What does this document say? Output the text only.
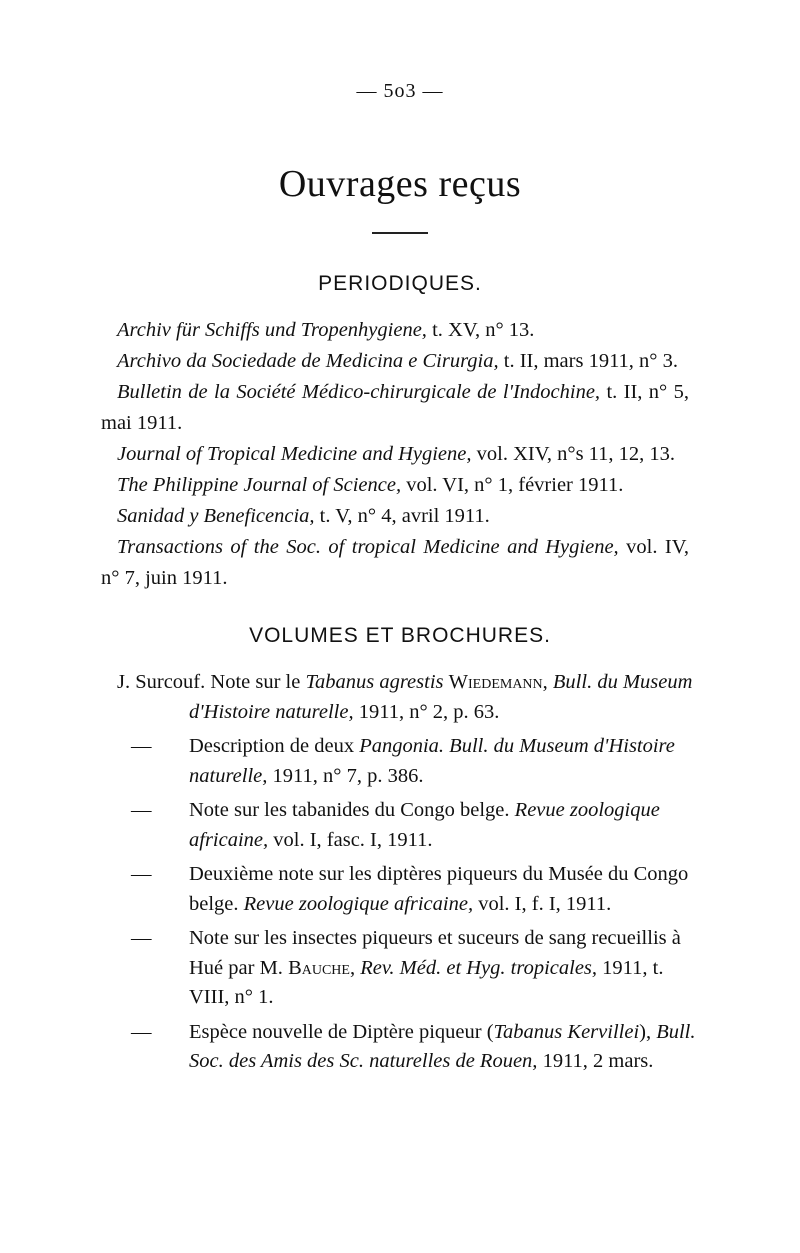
— 5o3 —
Ouvrages reçus
PERIODIQUES.
Archiv für Schiffs und Tropenhygiene, t. XV, n° 13.
Archivo da Sociedade de Medicina e Cirurgia, t. II, mars 1911, n° 3.
Bulletin de la Société Médico-chirurgicale de l'Indochine, t. II, n° 5, mai 1911.
Journal of Tropical Medicine and Hygiene, vol. XIV, n°s 11, 12, 13.
The Philippine Journal of Science, vol. VI, n° 1, février 1911.
Sanidad y Beneficencia, t. V, n° 4, avril 1911.
Transactions of the Soc. of tropical Medicine and Hygiene, vol. IV, n° 7, juin 1911.
VOLUMES ET BROCHURES.
J. Surcouf. Note sur le Tabanus agrestis Wiedemann, Bull. du Museum d'Histoire naturelle, 1911, n° 2, p. 63.
— Description de deux Pangonia. Bull. du Museum d'Histoire naturelle, 1911, n° 7, p. 386.
— Note sur les tabanides du Congo belge. Revue zoologique africaine, vol. I, fasc. I, 1911.
— Deuxième note sur les diptères piqueurs du Musée du Congo belge. Revue zoologique africaine, vol. I, f. I, 1911.
— Note sur les insectes piqueurs et suceurs de sang recueillis à Hué par M. Bauche, Rev. Méd. et Hyg. tropicales, 1911, t. VIII, n° 1.
— Espèce nouvelle de Diptère piqueur (Tabanus Kervillei), Bull. Soc. des Amis des Sc. naturelles de Rouen, 1911, 2 mars.
